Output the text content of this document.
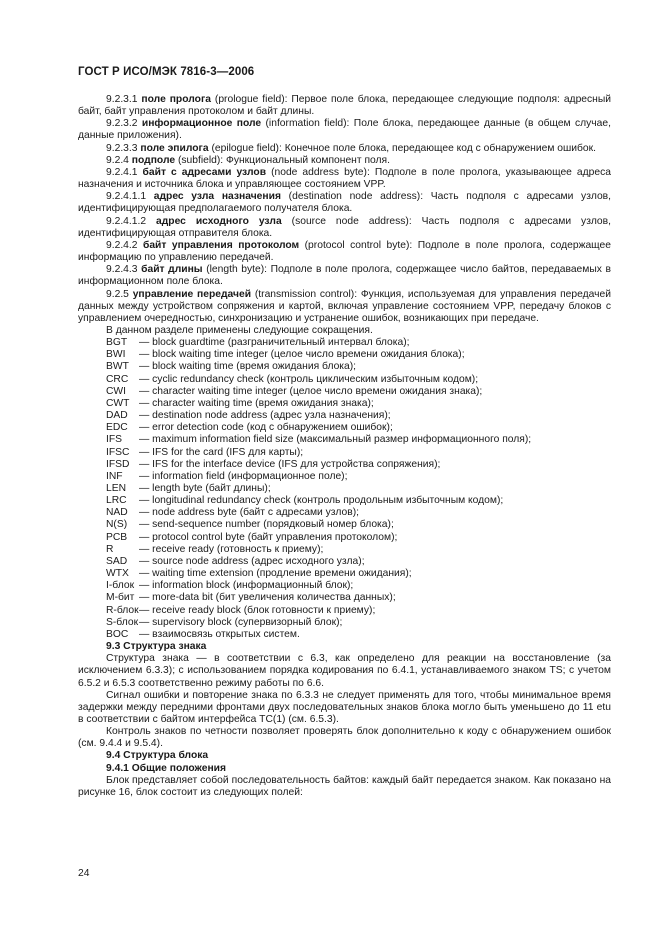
ГОСТ Р ИСО/МЭК 7816-3—2006

9.2.3.1 поле пролога (prologue field): Первое поле блока, передающее следующие подполя: адресный байт, байт управления протоколом и байт длины.

9.2.3.2 информационное поле (information field): Поле блока, передающее данные (в общем случае, данные приложения).

9.2.3.3 поле эпилога (epilogue field): Конечное поле блока, передающее код с обнаружением ошибок.

9.2.4 подполе (subfield): Функциональный компонент поля.

9.2.4.1 байт с адресами узлов (node address byte): Подполе в поле пролога, указывающее адреса назначения и источника блока и управляющее состоянием VPP.

9.2.4.1.1 адрес узла назначения (destination node address): Часть подполя с адресами узлов, идентифицирующая предполагаемого получателя блока.

9.2.4.1.2 адрес исходного узла (source node address): Часть подполя с адресами узлов, идентифицирующая отправителя блока.

9.2.4.2 байт управления протоколом (protocol control byte): Подполе в поле пролога, содержащее информацию по управлению передачей.

9.2.4.3 байт длины (length byte): Подполе в поле пролога, содержащее число байтов, передаваемых в информационном поле блока.

9.2.5 управление передачей (transmission control): Функция, используемая для управления передачей данных между устройством сопряжения и картой, включая управление состоянием VPP, передачу блоков с управлением очередностью, синхронизацию и устранение ошибок, возникающих при передаче.

В данном разделе применены следующие сокращения.

BGT	— block guardtime (разграничительный интервал блока);
BWI	— block waiting time integer (целое число времени ожидания блока);
BWT — block waiting time (время ожидания блока);
CRC	— cyclic redundancy check (контроль циклическим избыточным кодом);
CWI	— character waiting time integer (целое число времени ожидания знака);
CWT — character waiting time (время ожидания знака);
DAD	— destination node address (адрес узла назначения);
EDC	— error detection code (код с обнаружением ошибок);
IFS	— maximum information field size (максимальный размер информационного поля);
IFSC — IFS for the card (IFS для карты);
IFSD — IFS for the interface device (IFS для устройства сопряжения);
INF	— information field (информационное поле);
LEN	— length byte (байт длины);
LRC	— longitudinal redundancy check (контроль продольным избыточным кодом);
NAD	— node address byte (байт с адресами узлов);
N(S)	— send-sequence number (порядковый номер блока);
PCB	— protocol control byte (байт управления протоколом);
R	— receive ready (готовность к приему);
SAD	— source node address (адрес исходного узла);
WTX — waiting time extension (продление времени ожидания);
I-блок — information block (информационный блок);
M-бит — more-data bit (бит увеличения количества данных);
R-блок — receive ready block (блок готовности к приему);
S-блок — supervisory block (супервизорный блок);
BOC	— взаимосвязь открытых систем.

9.3 Структура знака

Структура знака — в соответствии с 6.3, как определено для реакции на восстановление (за исключением 6.3.3); с использованием порядка кодирования по 6.4.1, устанавливаемого знаком TS; с учетом 6.5.2 и 6.5.3 соответственно режиму работы по 6.6.

Сигнал ошибки и повторение знака по 6.3.3 не следует применять для того, чтобы минимальное время задержки между передними фронтами двух последовательных знаков блока могло быть уменьшено до 11 etu в соответствии с байтом интерфейса TC(1) (см. 6.5.3).

Контроль знаков по четности позволяет проверять блок дополнительно к коду с обнаружением ошибок (см. 9.4.4 и 9.5.4).

9.4 Структура блока

9.4.1 Общие положения

Блок представляет собой последовательность байтов: каждый байт передается знаком. Как показано на рисунке 16, блок состоит из следующих полей:

24
